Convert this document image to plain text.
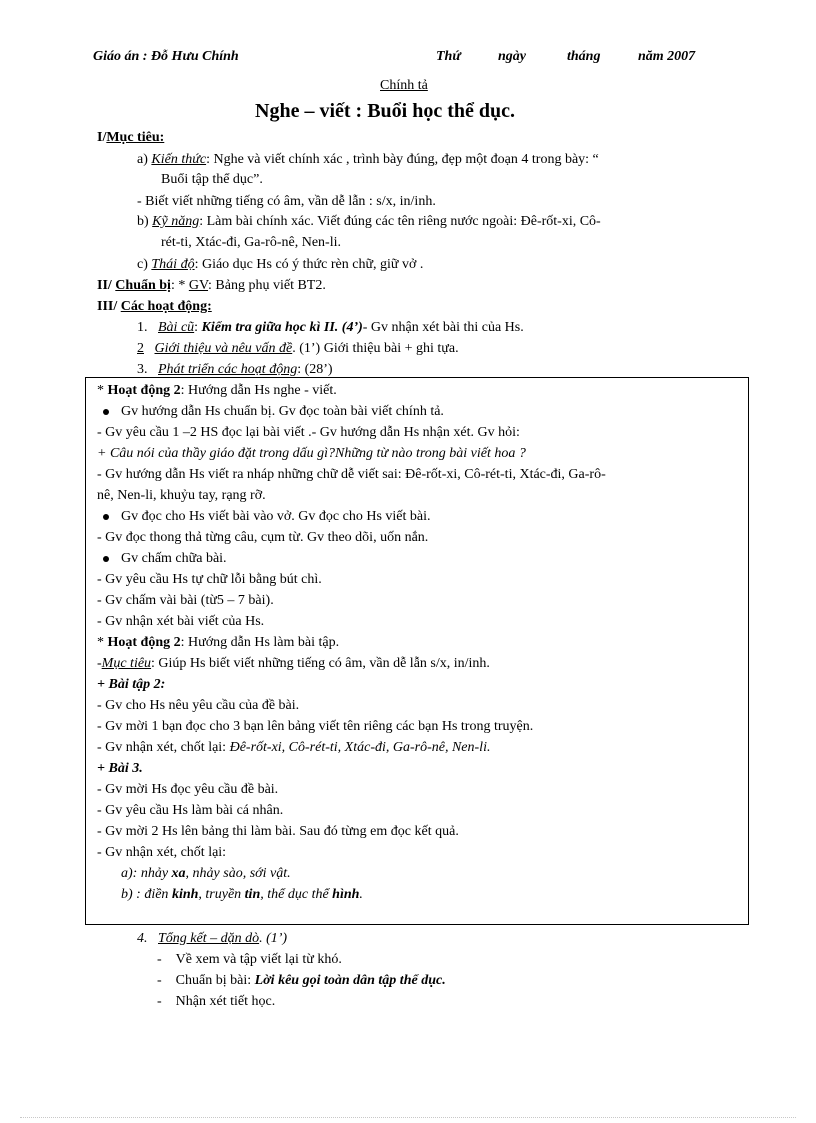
Giáo án : Đỗ Hưu Chính	Thứ	ngày	tháng	năm 2007
Chính tả
Nghe – viết : Buổi học thể dục.
I/Mục tiêu:
a) Kiến thức: Nghe và viết chính xác , trình bày đúng, đẹp một đoạn 4 trong bày: “
Buổi tập thể dục”.
- Biết viết những tiếng có âm, vần dễ lẫn : s/x, in/inh.
b) Kỹ năng: Làm bài chính xác. Viết đúng các tên riêng nước ngoài: Đê-rốt-xi, Cô-
rét-ti, Xtác-đi, Ga-rô-nê, Nen-li.
c) Thái độ: Giáo dục Hs có ý thức rèn chữ, giữ vở .
II/ Chuẩn bị: * GV: Bảng phụ viết BT2.
III/ Các hoạt động:
1. Bài cũ: Kiểm tra giữa học kì II. (4’)- Gv nhận xét bài thi của Hs.
2 Giới thiệu và nêu vấn đề. (1’) Giới thiệu bài + ghi tựa.
3. Phát triển các hoạt động: (28’)
* Hoạt động 2: Hướng dẫn Hs nghe - viết.
Gv hướng dẫn Hs chuẩn bị. Gv đọc toàn bài viết chính tả.
- Gv yêu cầu 1 –2 HS đọc lại bài viết .- Gv hướng dẫn Hs nhận xét. Gv hỏi:
+ Câu nói của thầy giáo đặt trong dấu gì?Những từ nào trong bài viết hoa ?
- Gv hướng dẫn Hs viết ra nháp những chữ dễ viết sai: Đê-rốt-xi, Cô-rét-ti, Xtác-đi, Ga-rô-
nê, Nen-li, khuỷu tay, rạng rỡ.
Gv đọc cho Hs viết bài vào vở. Gv đọc cho Hs viết bài.
- Gv đọc thong thả từng câu, cụm từ. Gv theo dõi, uốn nắn.
Gv chấm chữa bài.
- Gv yêu cầu Hs tự chữ lỗi bằng bút chì.
- Gv chấm vài bài (từ5 – 7 bài).
- Gv nhận xét bài viết của Hs.
* Hoạt động 2: Hướng dẫn Hs làm bài tập.
-Mục tiêu: Giúp Hs biết viết những tiếng có âm, vần dễ lẫn s/x, in/inh.
+ Bài tập 2:
- Gv cho Hs nêu yêu cầu của đề bài.
- Gv mời 1 bạn đọc cho 3 bạn lên bảng viết tên riêng các bạn Hs trong truyện.
- Gv nhận xét, chốt lại: Đê-rốt-xi, Cô-rét-ti, Xtác-đi, Ga-rô-nê, Nen-li.
+ Bài 3.
- Gv mời Hs đọc yêu cầu đề bài.
- Gv yêu cầu Hs làm bài cá nhân.
- Gv mời 2 Hs lên bảng thi làm bài. Sau đó từng em đọc kết quả.
- Gv nhận xét, chốt lại:
a): nhảy xa, nhảy sào, sới vật.
b) : điền kinh, truyền tin, thể dục thể hình.
4. Tổng kết – dặn dò. (1’)
-    Về xem và tập viết lại từ khó.
-    Chuẩn bị bài: Lời kêu gọi toàn dân tập thể dục.
-    Nhận xét tiết học.
